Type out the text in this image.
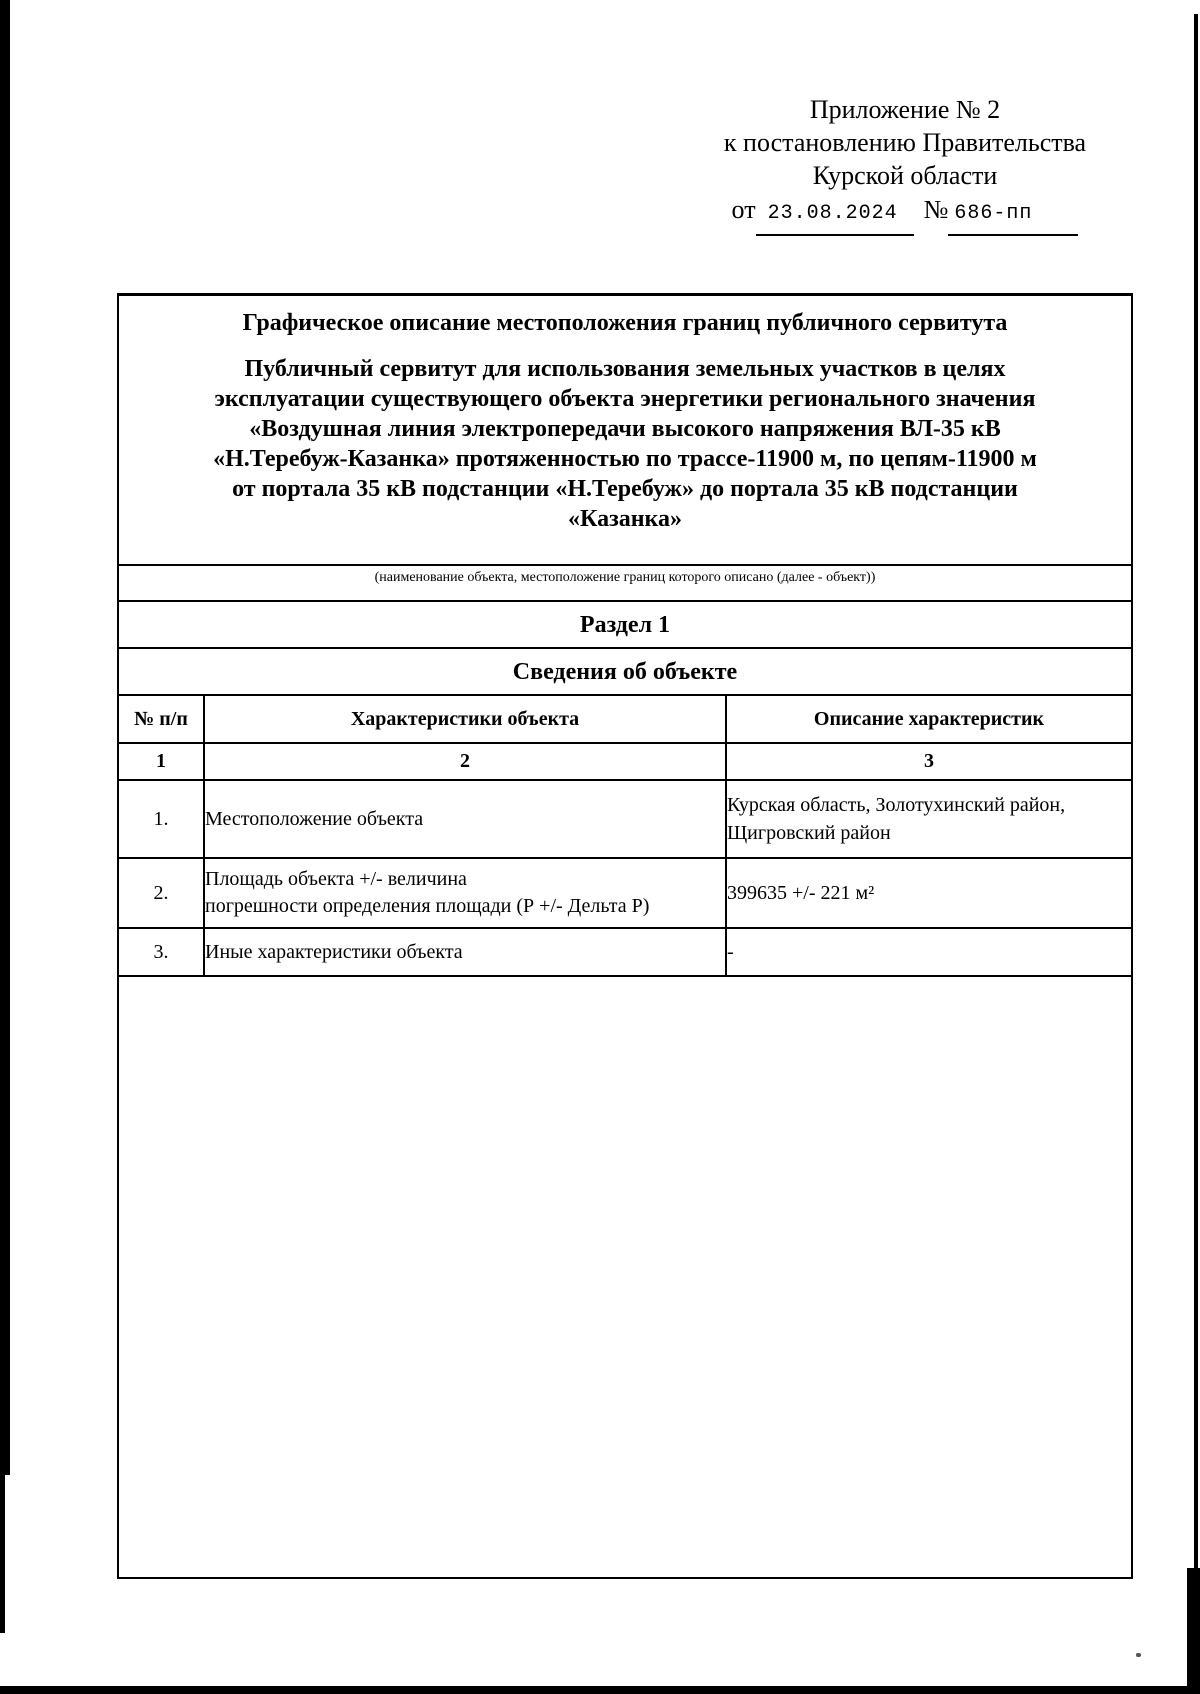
Приложение № 2
к постановлению Правительства
Курской области
от 23.08.2024 № 686-пп
Графическое описание местоположения границ публичного сервитута
Публичный сервитут для использования земельных участков в целях
эксплуатации существующего объекта энергетики регионального значения
«Воздушная линия электропередачи высокого напряжения ВЛ-35 кВ
«Н.Теребуж-Казанка» протяженностью по трассе-11900 м, по цепям-11900 м
от портала 35 кВ подстанции «Н.Теребуж» до портала 35 кВ подстанции
«Казанка»
(наименование объекта, местоположение границ которого описано (далее - объект))
Раздел 1
Сведения об объекте
№ п/п	Характеристики объекта	Описание характеристик
1	2	3
1.	Местоположение объекта	Курская область, Золотухинский район,
Щигровский район

2.	Площадь объекта +/- величина
погрешности определения площади (Р +/- Дельта Р)	399635 +/- 221 м²
3.	Иные характеристики объекта	-
